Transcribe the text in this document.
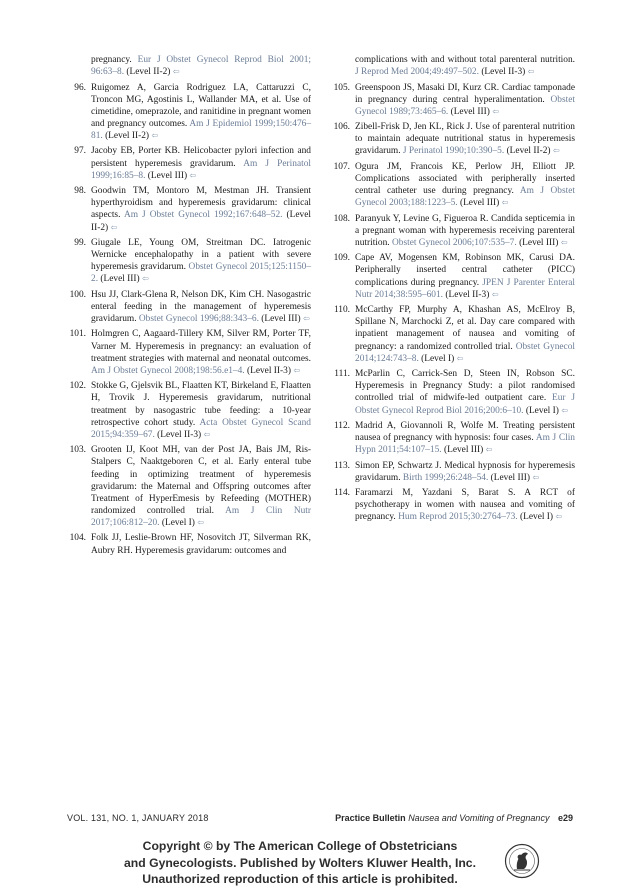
pregnancy. Eur J Obstet Gynecol Reprod Biol 2001; 96:63–8. (Level II-2) ⇦
96. Ruigomez A, Garcia Rodriguez LA, Cattaruzzi C, Troncon MG, Agostinis L, Wallander MA, et al. Use of cimetidine, omeprazole, and ranitidine in pregnant women and pregnancy outcomes. Am J Epidemiol 1999;150:476–81. (Level II-2) ⇦
97. Jacoby EB, Porter KB. Helicobacter pylori infection and persistent hyperemesis gravidarum. Am J Perinatol 1999;16:85–8. (Level III) ⇦
98. Goodwin TM, Montoro M, Mestman JH. Transient hyperthyroidism and hyperemesis gravidarum: clinical aspects. Am J Obstet Gynecol 1992;167:648–52. (Level II-2) ⇦
99. Giugale LE, Young OM, Streitman DC. Iatrogenic Wernicke encephalopathy in a patient with severe hyperemesis gravidarum. Obstet Gynecol 2015;125:1150–2. (Level III) ⇦
100. Hsu JJ, Clark-Glena R, Nelson DK, Kim CH. Nasogastric enteral feeding in the management of hyperemesis gravidarum. Obstet Gynecol 1996;88:343–6. (Level III) ⇦
101. Holmgren C, Aagaard-Tillery KM, Silver RM, Porter TF, Varner M. Hyperemesis in pregnancy: an evaluation of treatment strategies with maternal and neonatal outcomes. Am J Obstet Gynecol 2008;198:56.e1–4. (Level II-3) ⇦
102. Stokke G, Gjelsvik BL, Flaatten KT, Birkeland E, Flaatten H, Trovik J. Hyperemesis gravidarum, nutritional treatment by nasogastric tube feeding: a 10-year retrospective cohort study. Acta Obstet Gynecol Scand 2015;94:359–67. (Level II-3) ⇦
103. Grooten IJ, Koot MH, van der Post JA, Bais JM, Ris-Stalpers C, Naaktgeboren C, et al. Early enteral tube feeding in optimizing treatment of hyperemesis gravidarum: the Maternal and Offspring outcomes after Treatment of HyperEmesis by Refeeding (MOTHER) randomized controlled trial. Am J Clin Nutr 2017;106:812–20. (Level I) ⇦
104. Folk JJ, Leslie-Brown HF, Nosovitch JT, Silverman RK, Aubry RH. Hyperemesis gravidarum: outcomes and
complications with and without total parenteral nutrition. J Reprod Med 2004;49:497–502. (Level II-3) ⇦
105. Greenspoon JS, Masaki DI, Kurz CR. Cardiac tamponade in pregnancy during central hyperalimentation. Obstet Gynecol 1989;73:465–6. (Level III) ⇦
106. Zibell-Frisk D, Jen KL, Rick J. Use of parenteral nutrition to maintain adequate nutritional status in hyperemesis gravidarum. J Perinatol 1990;10:390–5. (Level II-2) ⇦
107. Ogura JM, Francois KE, Perlow JH, Elliott JP. Complications associated with peripherally inserted central catheter use during pregnancy. Am J Obstet Gynecol 2003;188:1223–5. (Level III) ⇦
108. Paranyuk Y, Levine G, Figueroa R. Candida septicemia in a pregnant woman with hyperemesis receiving parenteral nutrition. Obstet Gynecol 2006;107:535–7. (Level III) ⇦
109. Cape AV, Mogensen KM, Robinson MK, Carusi DA. Peripherally inserted central catheter (PICC) complications during pregnancy. JPEN J Parenter Enteral Nutr 2014;38:595–601. (Level II-3) ⇦
110. McCarthy FP, Murphy A, Khashan AS, McElroy B, Spillane N, Marchocki Z, et al. Day care compared with inpatient management of nausea and vomiting of pregnancy: a randomized controlled trial. Obstet Gynecol 2014;124:743–8. (Level I) ⇦
111. McParlin C, Carrick-Sen D, Steen IN, Robson SC. Hyperemesis in Pregnancy Study: a pilot randomised controlled trial of midwife-led outpatient care. Eur J Obstet Gynecol Reprod Biol 2016;200:6–10. (Level I) ⇦
112. Madrid A, Giovannoli R, Wolfe M. Treating persistent nausea of pregnancy with hypnosis: four cases. Am J Clin Hypn 2011;54:107–15. (Level III) ⇦
113. Simon EP, Schwartz J. Medical hypnosis for hyperemesis gravidarum. Birth 1999;26:248–54. (Level III) ⇦
114. Faramarzi M, Yazdani S, Barat S. A RCT of psychotherapy in women with nausea and vomiting of pregnancy. Hum Reprod 2015;30:2764–73. (Level I) ⇦
VOL. 131, NO. 1, JANUARY 2018	Practice Bulletin Nausea and Vomiting of Pregnancy e29
Copyright © by The American College of Obstetricians
and Gynecologists. Published by Wolters Kluwer Health, Inc.
Unauthorized reproduction of this article is prohibited.
